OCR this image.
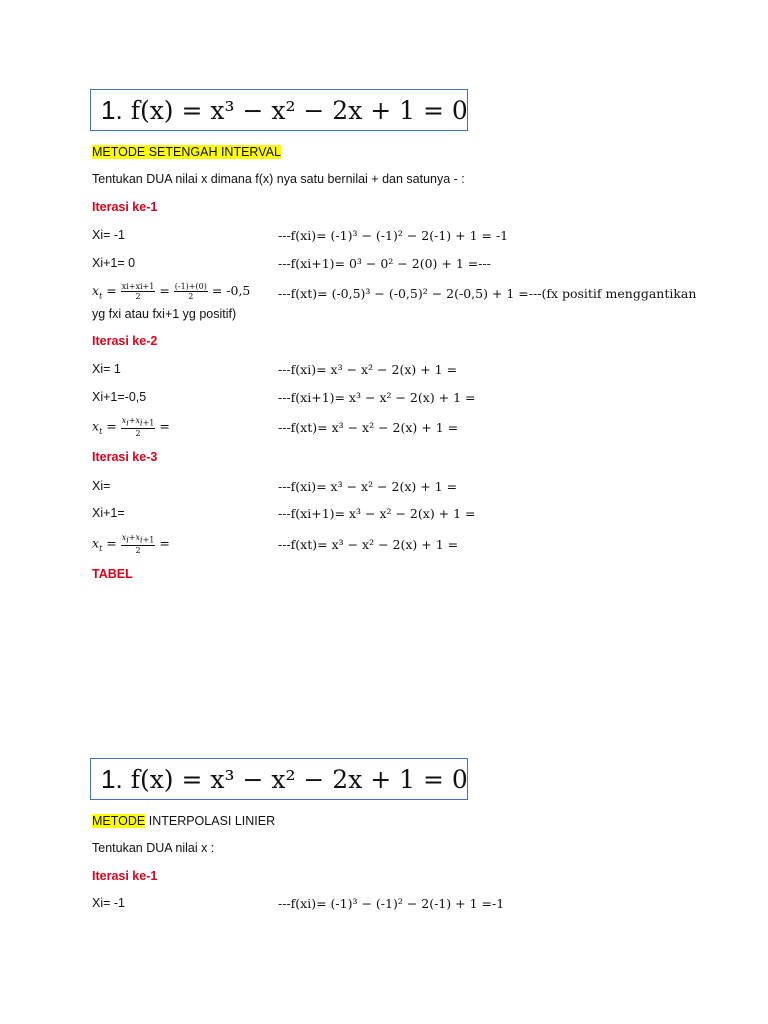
1. f(x) = x³ − x² − 2x + 1 = 0
METODE SETENGAH INTERVAL
Tentukan DUA nilai x dimana f(x) nya satu bernilai + dan satunya - :
Iterasi ke-1
Xi= -1	---f(xi)= (-1)³ − (-1)² − 2(-1) + 1 = -1
Xi+1= 0	---f(xi+1)= 0³ − 0² − 2(0) + 1 =---
$x_t = \frac{xi+xi+1}{2} = \frac{(-1)+(0)}{2} = -0,5$ ---f(xt)= (-0,5)³ − (-0,5)² − 2(-0,5) + 1 =---(fx positif menggantikan
yg fxi atau fxi+1 yg positif)
Iterasi ke-2
Xi= 1	---f(xi)= x³ − x² − 2(x) + 1 =
Xi+1=-0,5	---f(xi+1)= x³ − x² − 2(x) + 1 =
$x_t = \frac{x_i+x_{i+1}}{2}$ =	---f(xt)= x³ − x² − 2(x) + 1 =
Iterasi ke-3
Xi=	---f(xi)= x³ − x² − 2(x) + 1 =
Xi+1=	---f(xi+1)= x³ − x² − 2(x) + 1 =
$x_t = \frac{x_i+x_{i+1}}{2}$ =	---f(xt)= x³ − x² − 2(x) + 1 =
TABEL
1. f(x) = x³ − x² − 2x + 1 = 0
METODE INTERPOLASI LINIER
Tentukan DUA nilai x :
Iterasi ke-1
Xi= -1	---f(xi)= (-1)³ − (-1)² − 2(-1) + 1 =-1
